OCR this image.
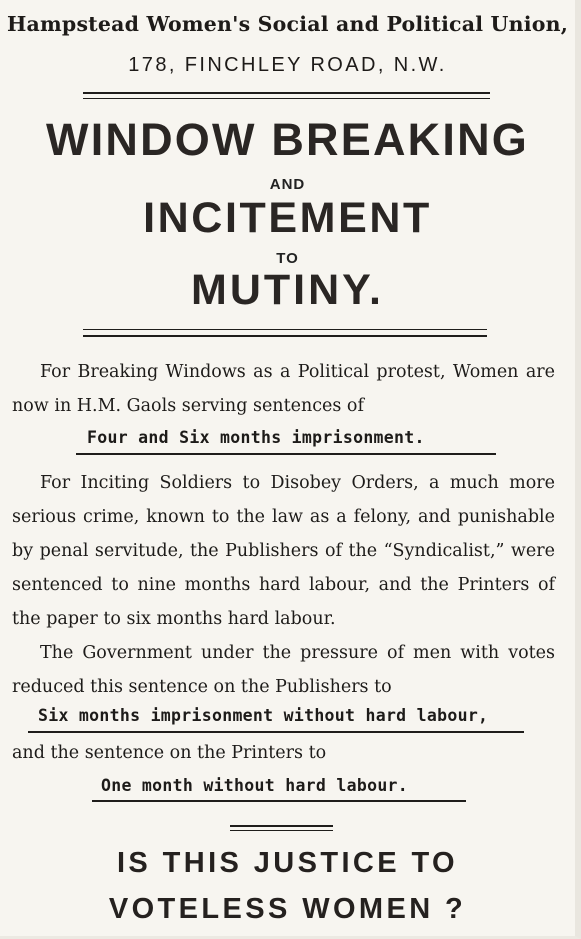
Hampstead Women's Social and Political Union,
178, FINCHLEY ROAD, N.W.
WINDOW BREAKING
AND
INCITEMENT
TO
MUTINY.

For Breaking Windows as a Political protest, Women are now in H.M. Gaols serving sentences of

Four and Six months imprisonment.

For Inciting Soldiers to Disobey Orders, a much more serious crime, known to the law as a felony, and punishable by penal servitude, the Publishers of the “Syndicalist,” were sentenced to nine months hard labour, and the Printers of the paper to six months hard labour.

The Government under the pressure of men with votes reduced this sentence on the Publishers to

Six months imprisonment without hard labour,
and the sentence on the Printers to
One month without hard labour.
IS THIS JUSTICE TO
VOTELESS WOMEN ?
